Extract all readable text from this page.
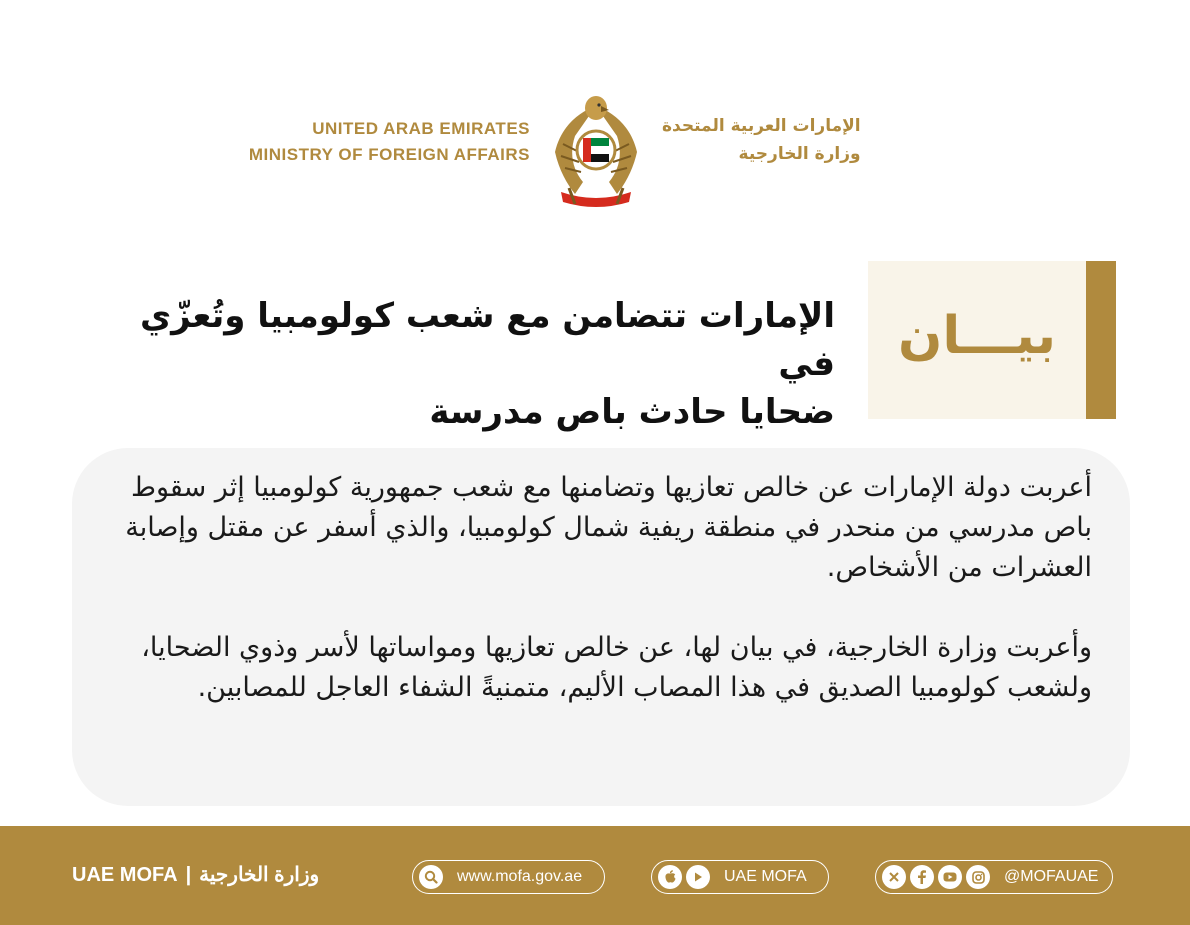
UNITED ARAB EMIRATES
MINISTRY OF FOREIGN AFFAIRS
الإمارات العربية المتحدة
وزارة الخارجية
بيـــان
الإمارات تتضامن مع شعب كولومبيا وتُعزّي في
ضحايا حادث باص مدرسة

أعربت دولة الإمارات عن خالص تعازيها وتضامنها مع شعب جمهورية كولومبيا إثر سقوط باص مدرسي من منحدر في منطقة ريفية شمال كولومبيا، والذي أسفر عن مقتل وإصابة العشرات من الأشخاص.

وأعربت وزارة الخارجية، في بيان لها، عن خالص تعازيها ومواساتها لأسر وذوي الضحايا، ولشعب كولومبيا الصديق في هذا المصاب الأليم، متمنيةً الشفاء العاجل للمصابين.

UAE MOFA | وزارة الخارجية	www.mofa.gov.ae	UAE MOFA	@MOFAUAE
